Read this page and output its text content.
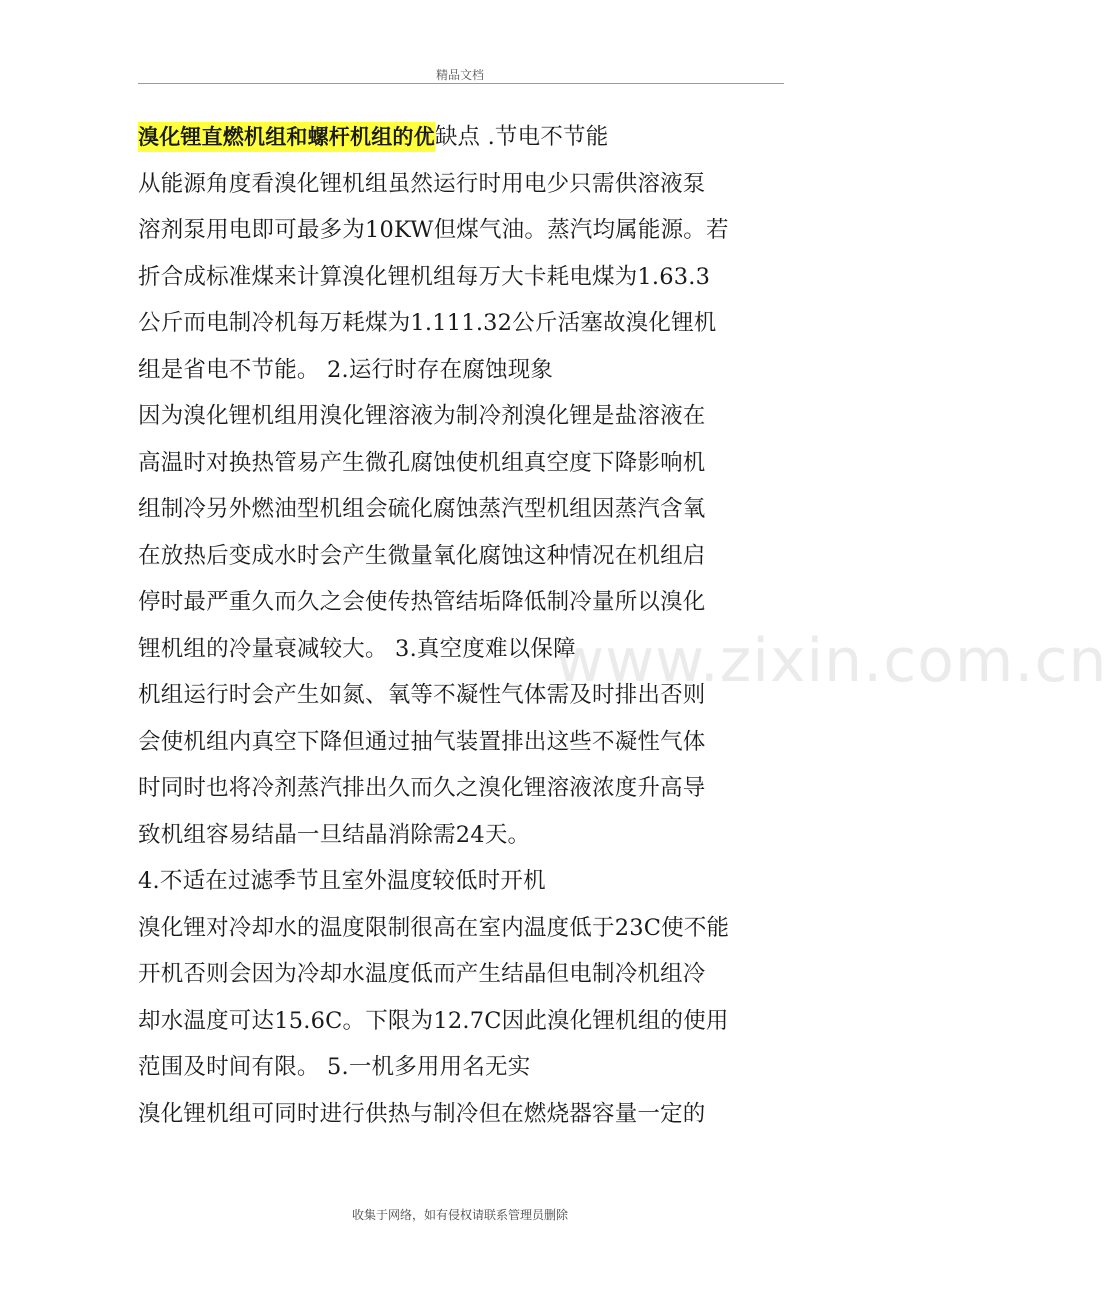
精品文档
www.zixin.com.cn
溴化锂直燃机组和螺杆机组的优缺点 .节电不节能
从能源角度看溴化锂机组虽然运行时用电少只需供溶液泵
溶剂泵用电即可最多为10KW但煤气油。蒸汽均属能源。若
折合成标准煤来计算溴化锂机组每万大卡耗电煤为1.63.3
公斤而电制冷机每万耗煤为1.111.32公斤活塞故溴化锂机
组是省电不节能。 2.运行时存在腐蚀现象
因为溴化锂机组用溴化锂溶液为制冷剂溴化锂是盐溶液在
高温时对换热管易产生微孔腐蚀使机组真空度下降影响机
组制冷另外燃油型机组会硫化腐蚀蒸汽型机组因蒸汽含氧
在放热后变成水时会产生微量氧化腐蚀这种情况在机组启
停时最严重久而久之会使传热管结垢降低制冷量所以溴化
锂机组的冷量衰减较大。 3.真空度难以保障
机组运行时会产生如氮、氧等不凝性气体需及时排出否则
会使机组内真空下降但通过抽气装置排出这些不凝性气体
时同时也将冷剂蒸汽排出久而久之溴化锂溶液浓度升高导
致机组容易结晶一旦结晶消除需24天。
4.不适在过滤季节且室外温度较低时开机
溴化锂对冷却水的温度限制很高在室内温度低于23C使不能
开机否则会因为冷却水温度低而产生结晶但电制冷机组冷
却水温度可达15.6C。下限为12.7C因此溴化锂机组的使用
范围及时间有限。 5.一机多用用名无实
溴化锂机组可同时进行供热与制冷但在燃烧器容量一定的
收集于网络，如有侵权请联系管理员删除
